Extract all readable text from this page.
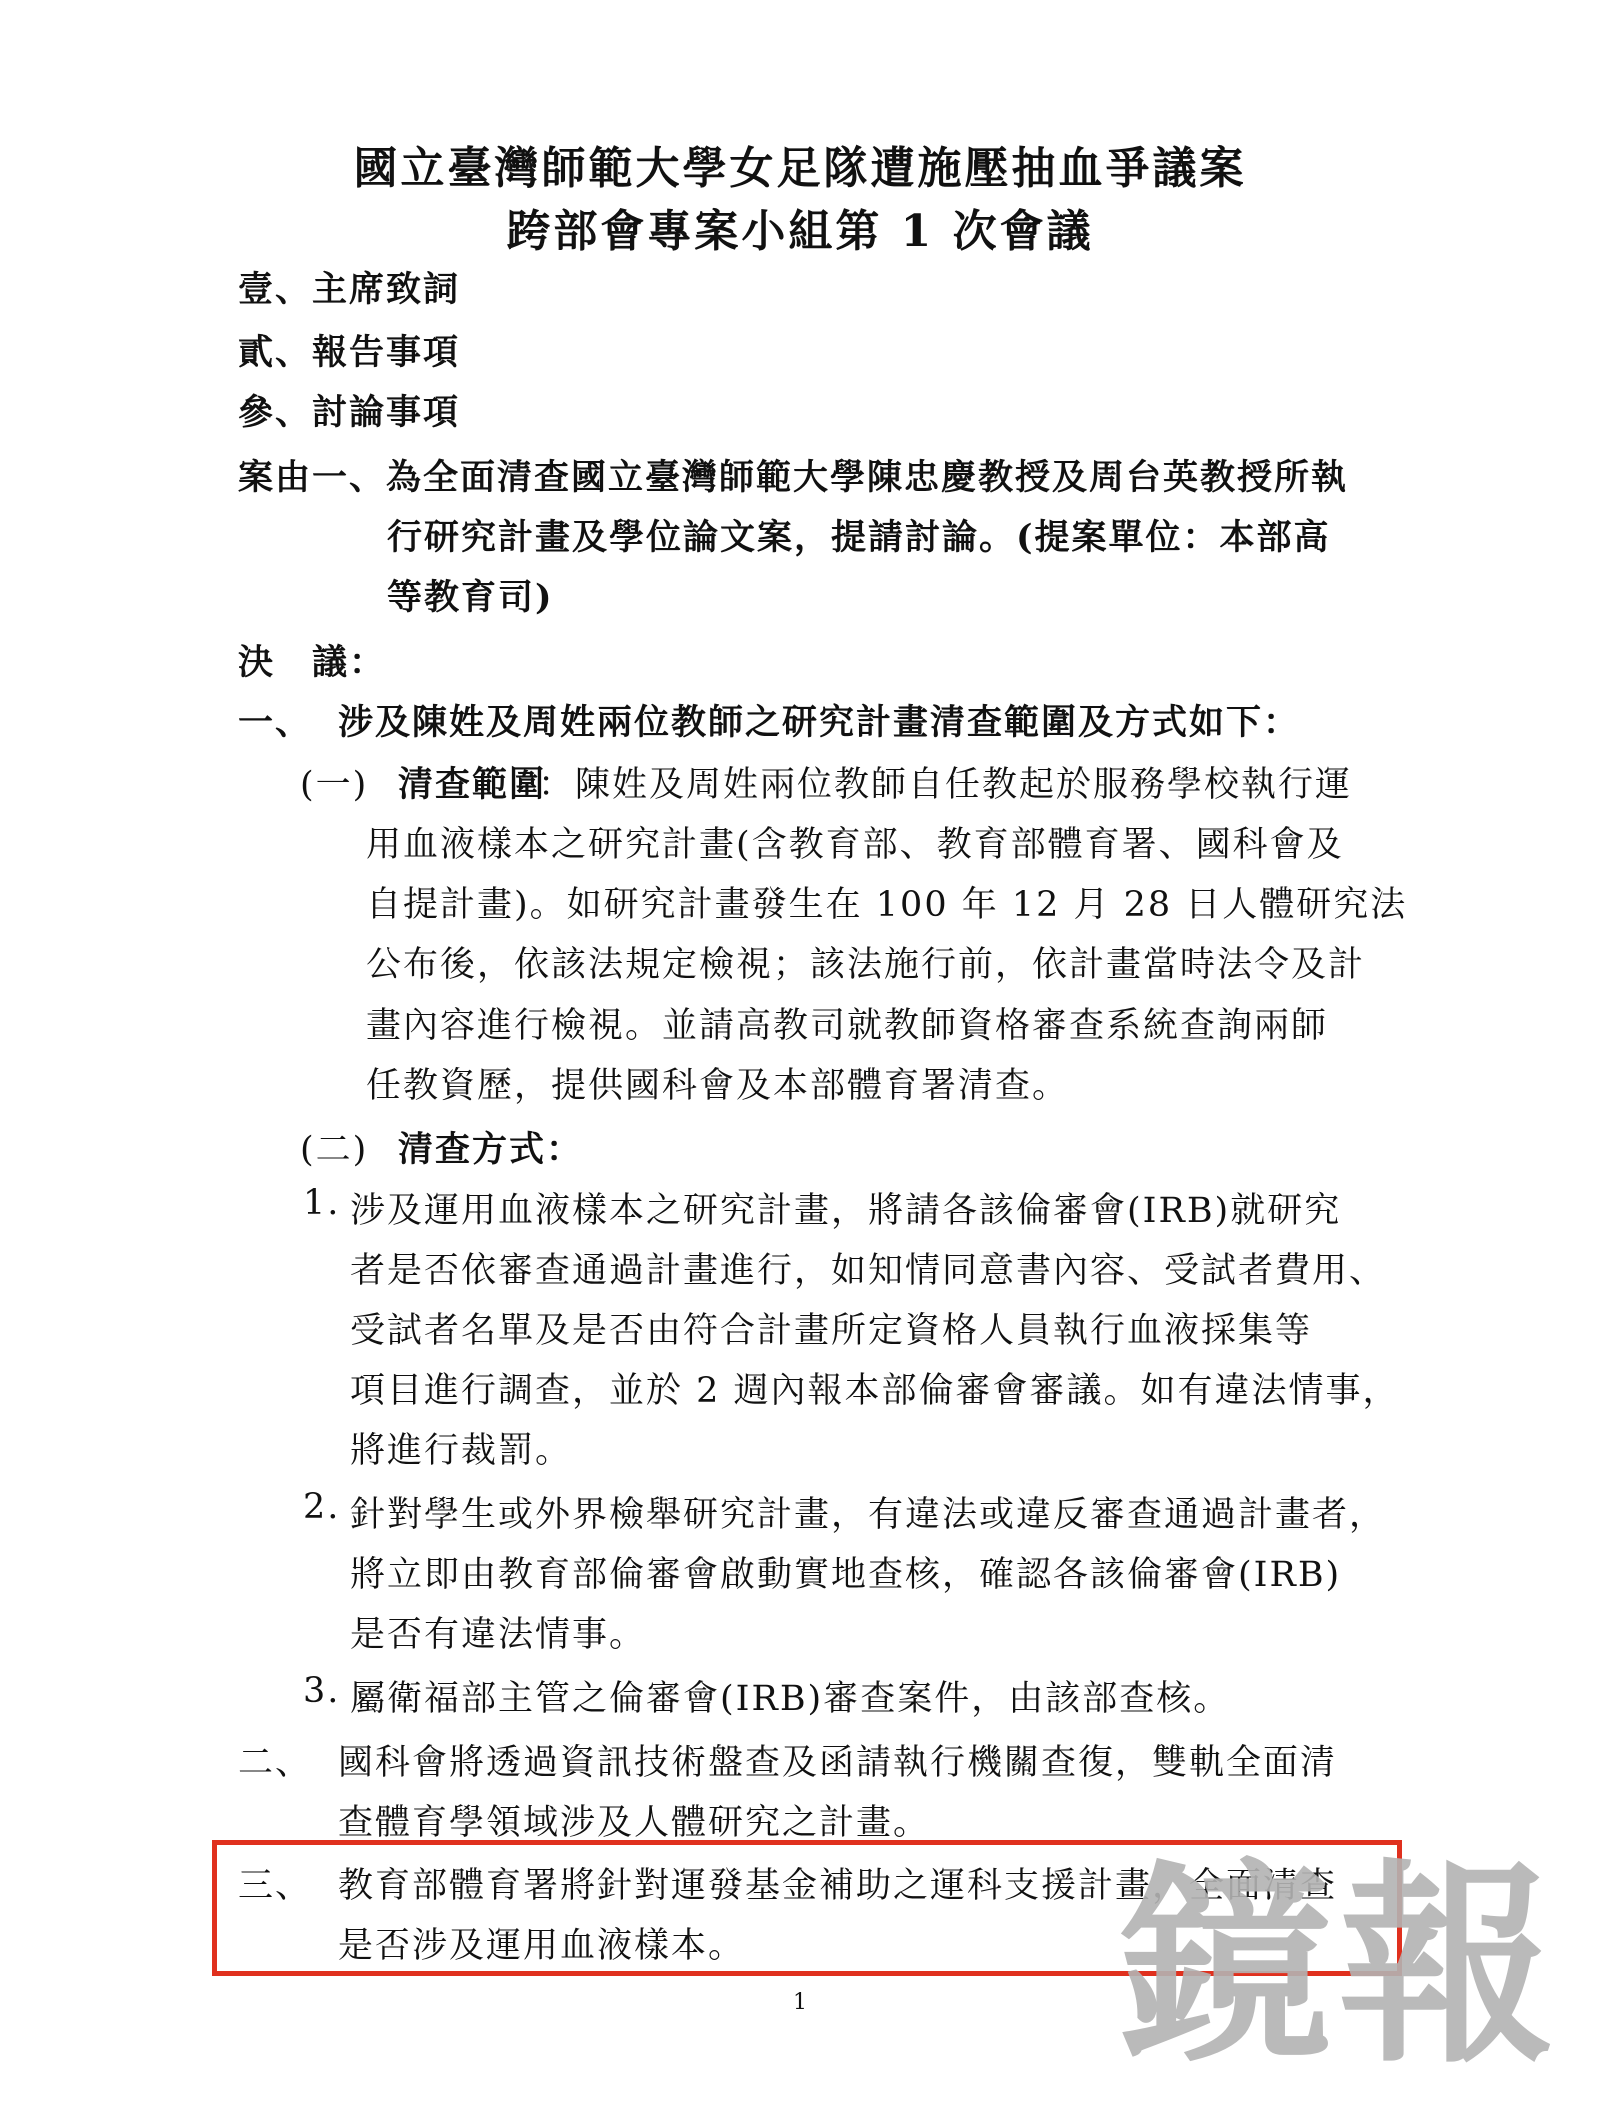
國立臺灣師範大學女足隊遭施壓抽血爭議案
跨部會專案小組第 1 次會議
壹、主席致詞
貳、報告事項
參、討論事項
案由一、為全面清查國立臺灣師範大學陳忠慶教授及周台英教授所執
行研究計畫及學位論文案，提請討論。(提案單位：本部高
等教育司)
決　議：
一、 涉及陳姓及周姓兩位教師之研究計畫清查範圍及方式如下：
(一) 清查範圍
：陳姓及周姓兩位教師自任教起於服務學校執行運
用血液樣本之研究計畫(含教育部、教育部體育署、國科會及
自提計畫)。如研究計畫發生在 100 年 12 月 28 日人體研究法
公布後，依該法規定檢視；該法施行前，依計畫當時法令及計
畫內容進行檢視。並請高教司就教師資格審查系統查詢兩師
任教資歷，提供國科會及本部體育署清查。
(二) 清查方式：
1. 涉及運用血液樣本之研究計畫，將請各該倫審會(IRB)就研究
者是否依審查通過計畫進行，如知情同意書內容、受試者費用、
受試者名單及是否由符合計畫所定資格人員執行血液採集等
項目進行調查，並於 2 週內報本部倫審會審議。如有違法情事，
將進行裁罰。
2. 針對學生或外界檢舉研究計畫，有違法或違反審查通過計畫者，
將立即由教育部倫審會啟動實地查核，確認各該倫審會(IRB)
是否有違法情事。
3. 屬衛福部主管之倫審會(IRB)審查案件，由該部查核。
二、 國科會將透過資訊技術盤查及函請執行機關查復，雙軌全面清
查體育學領域涉及人體研究之計畫。
三、 教育部體育署將針對運發基金補助之運科支援計畫，全面清查
是否涉及運用血液樣本。 鏡報
1
